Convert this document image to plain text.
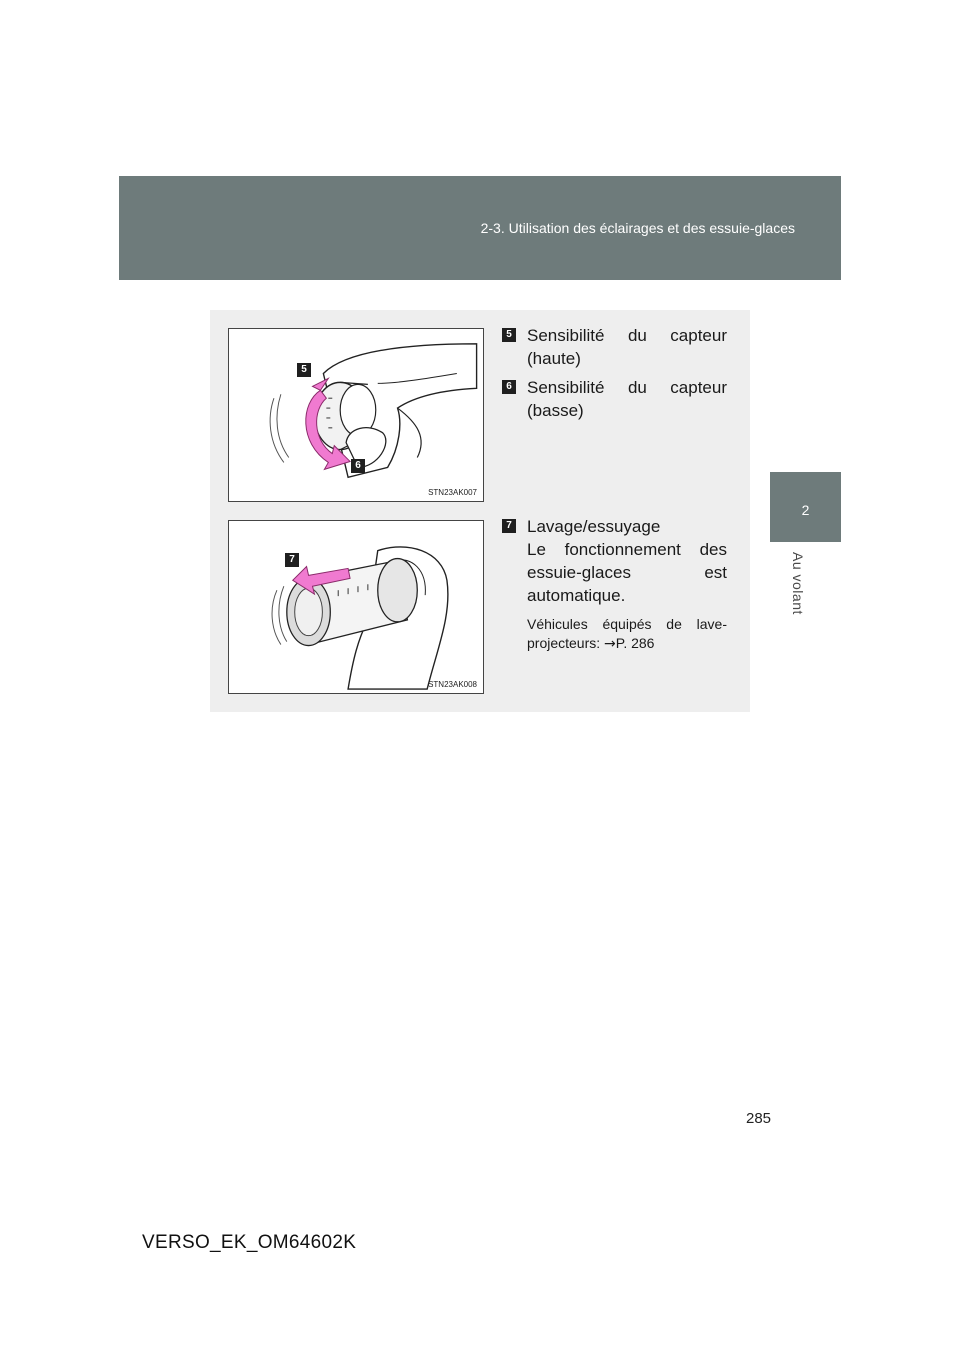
2-3. Utilisation des éclairages et des essuie-glaces
2
Au volant
5
6
STN23AK007
5 Sensibilité du capteur
(haute)
6 Sensibilité du capteur
(basse)
7
STN23AK008
7 Lavage/essuyage
Le fonctionnement des
essuie-glaces est
automatique.
Véhicules équipés de lave-
projecteurs: →P. 286
285
VERSO_EK_OM64602K
